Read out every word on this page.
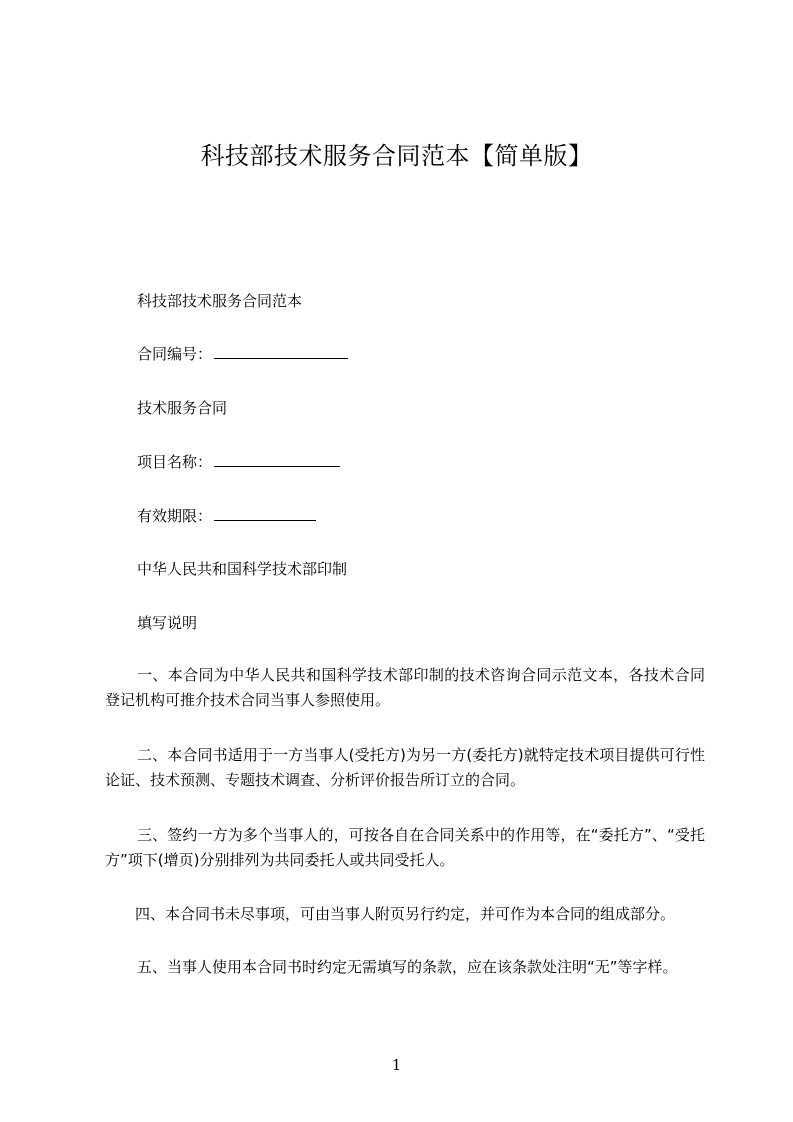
科技部技术服务合同范本【简单版】
科技部技术服务合同范本
合同编号：
技术服务合同
项目名称：
有效期限：
中华人民共和国科学技术部印制
填写说明
一、本合同为中华人民共和国科学技术部印制的技术咨询合同示范文本，各技术合同登记机构可推介技术合同当事人参照使用。
二、本合同书适用于一方当事人(受托方)为另一方(委托方)就特定技术项目提供可行性论证、技术预测、专题技术调查、分析评价报告所订立的合同。
三、签约一方为多个当事人的，可按各自在合同关系中的作用等，在“委托方”、“受托方”项下(增页)分别排列为共同委托人或共同受托人。
四、本合同书未尽事项，可由当事人附页另行约定，并可作为本合同的组成部分。
五、当事人使用本合同书时约定无需填写的条款，应在该条款处注明“无”等字样。
1
